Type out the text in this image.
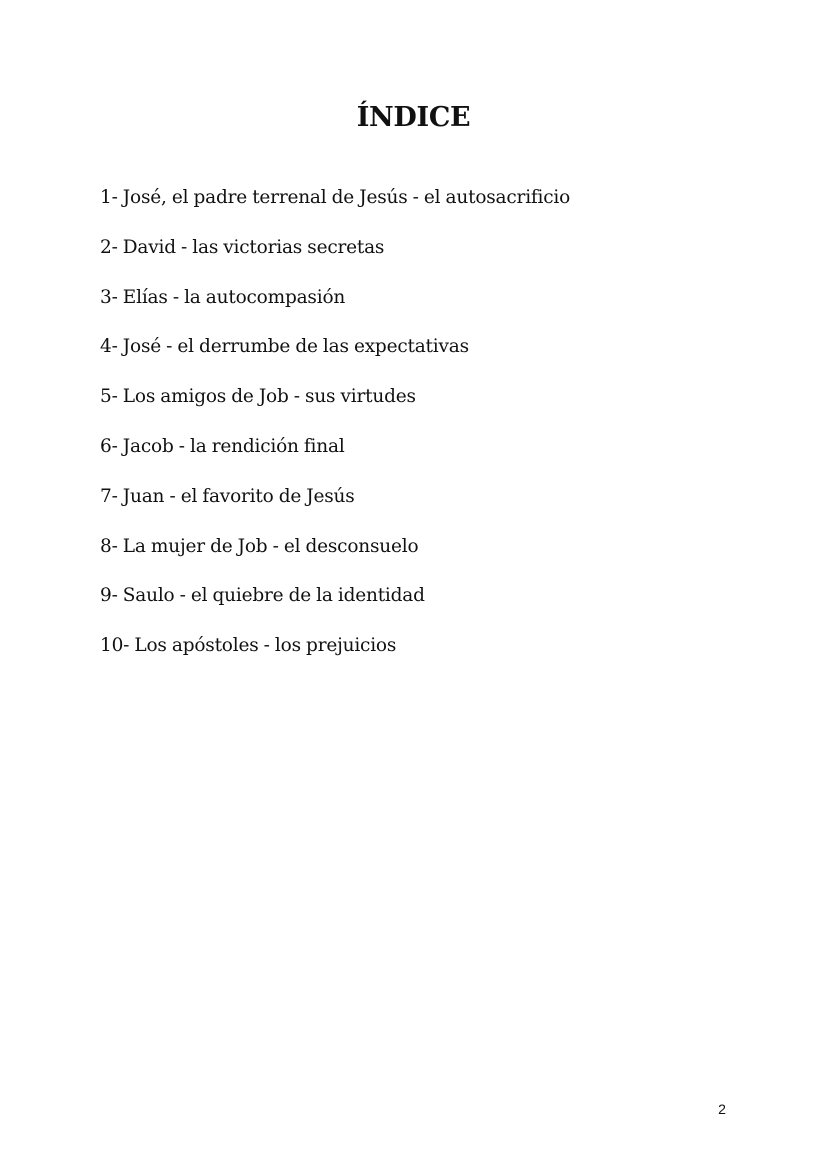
ÍNDICE
1- José, el padre terrenal de Jesús - el autosacrificio
2- David - las victorias secretas
3- Elías - la autocompasión
4- José - el derrumbe de las expectativas
5- Los amigos de Job - sus virtudes
6- Jacob - la rendición final
7- Juan - el favorito de Jesús
8- La mujer de Job - el desconsuelo
9- Saulo - el quiebre de la identidad
10- Los apóstoles - los prejuicios
2
